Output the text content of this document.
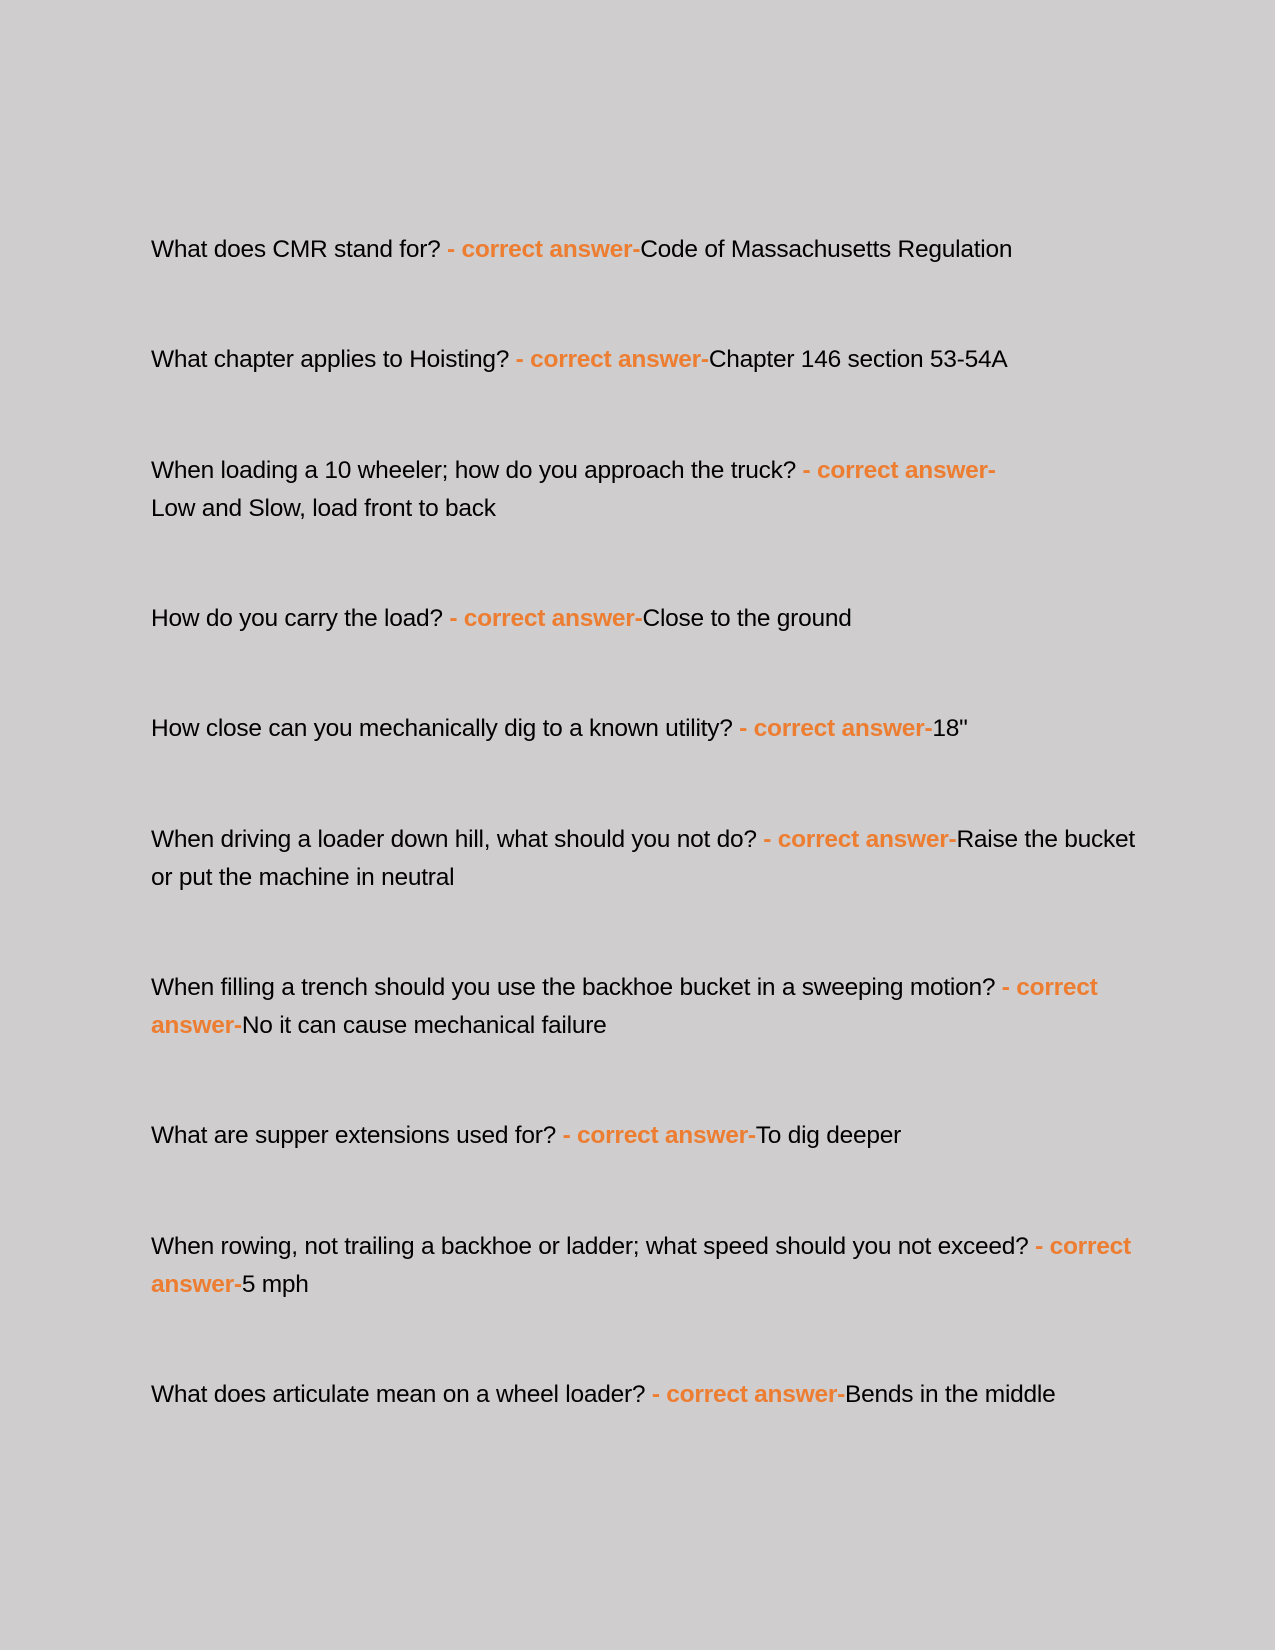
What does CMR stand for? - correct answer-Code of Massachusetts Regulation

What chapter applies to Hoisting? - correct answer-Chapter 146 section 53-54A

When loading a 10 wheeler; how do you approach the truck? - correct answer-
Low and Slow, load front to back

How do you carry the load? - correct answer-Close to the ground

How close can you mechanically dig to a known utility? - correct answer-18"

When driving a loader down hill, what should you not do? - correct answer-Raise the bucket or put the machine in neutral

When filling a trench should you use the backhoe bucket in a sweeping motion? - correct answer-No it can cause mechanical failure

What are supper extensions used for? - correct answer-To dig deeper

When rowing, not trailing a backhoe or ladder; what speed should you not exceed? - correct answer-5 mph

What does articulate mean on a wheel loader? - correct answer-Bends in the middle
